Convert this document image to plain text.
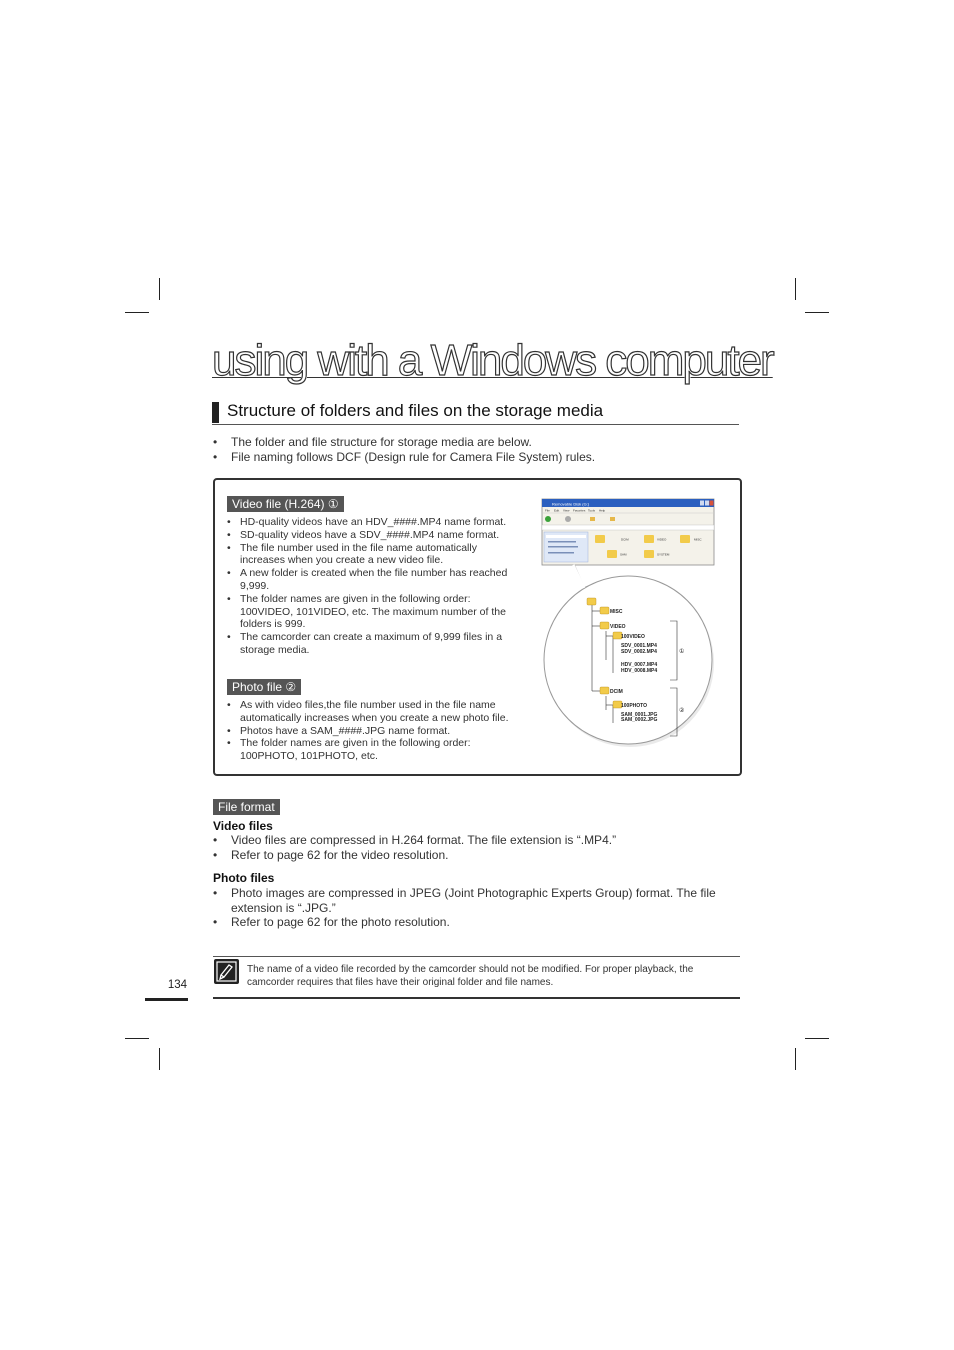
using with a Windows computer
Structure of folders and files on the storage media
• The folder and file structure for storage media are below.
• File naming follows DCF (Design rule for Camera File System) rules.
Video file (H.264) ①
• HD-quality videos have an HDV_####.MP4 name format.
• SD-quality videos have a SDV_####.MP4 name format.
• The file number used in the file name automatically increases when you create a new video file.
• A new folder is created when the file number has reached 9,999.
• The folder names are given in the following order: 100VIDEO, 101VIDEO, etc. The maximum number of the folders is 999.
• The camcorder can create a maximum of 9,999 files in a storage media.
Photo file ②
• As with video files,the file number used in the file name automatically increases when you create a new photo file.
• Photos have a SAM_####.JPG name format.
• The folder names are given in the following order: 100PHOTO, 101PHOTO, etc.
Removable Disk (G:)
File Edit View Favorites Tools Help
DCIM	VIDEO	MISC
SAM	SYSTEM
MISC
VIDEO
100VIDEO
SDV_0001.MP4
SDV_0002.MP4
HDV_0007.MP4
HDV_0008.MP4
DCIM
100PHOTO
SAM_0001.JPG
SAM_0002.JPG
①
②
File format
Video files
• Video files are compressed in H.264 format. The file extension is “.MP4.”
• Refer to page 62 for the video resolution.
Photo files
• Photo images are compressed in JPEG (Joint Photographic Experts Group) format. The file extension is “.JPG.”
• Refer to page 62 for the photo resolution.
The name of a video file recorded by the camcorder should not be modified. For proper playback, the camcorder requires that files have their original folder and file names.
134
